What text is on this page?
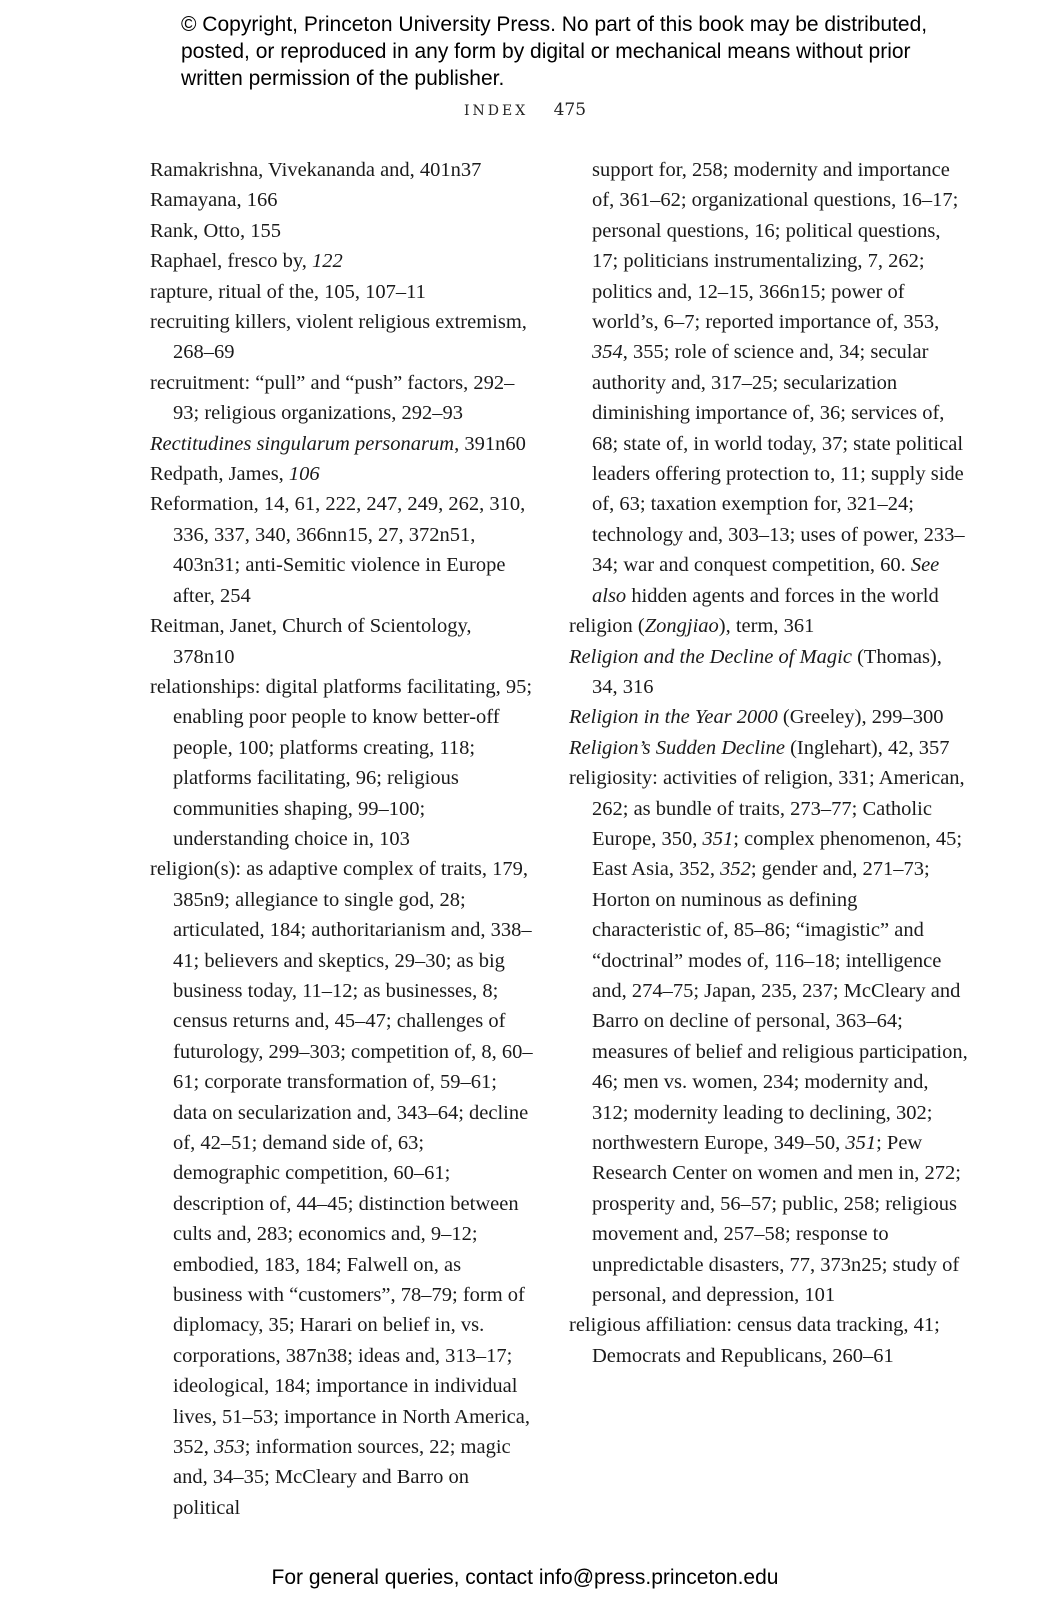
© Copyright, Princeton University Press. No part of this book may be distributed, posted, or reproduced in any form by digital or mechanical means without prior written permission of the publisher.

INDEX 475

Ramakrishna, Vivekananda and, 401n37

Ramayana, 166

Rank, Otto, 155

Raphael, fresco by, 122

rapture, ritual of the, 105, 107–11

recruiting killers, violent religious extremism, 268–69

recruitment: “pull” and “push” factors, 292–93; religious organizations, 292–93

Rectitudines singularum personarum, 391n60

Redpath, James, 106

Reformation, 14, 61, 222, 247, 249, 262, 310, 336, 337, 340, 366nn15, 27, 372n51, 403n31; anti-Semitic violence in Europe after, 254

Reitman, Janet, Church of Scientology, 378n10

relationships: digital platforms facilitating, 95; enabling poor people to know better-off people, 100; platforms creating, 118; platforms facilitating, 96; religious communities shaping, 99–100; understanding choice in, 103

religion(s): as adaptive complex of traits, 179, 385n9; allegiance to single god, 28; articulated, 184; authoritarianism and, 338–41; believers and skeptics, 29–30; as big business today, 11–12; as businesses, 8; census returns and, 45–47; challenges of futurology, 299–303; competition of, 8, 60–61; corporate transformation of, 59–61; data on secularization and, 343–64; decline of, 42–51; demand side of, 63; demographic competition, 60–61; description of, 44–45; distinction between cults and, 283; economics and, 9–12; embodied, 183, 184; Falwell on, as business with “customers”, 78–79; form of diplomacy, 35; Harari on belief in, vs. corporations, 387n38; ideas and, 313–17; ideological, 184; importance in individual lives, 51–53; importance in North America, 352, 353; information sources, 22; magic and, 34–35; McCleary and Barro on political

support for, 258; modernity and importance of, 361–62; organizational questions, 16–17; personal questions, 16; political questions, 17; politicians instrumentalizing, 7, 262; politics and, 12–15, 366n15; power of world’s, 6–7; reported importance of, 353, 354, 355; role of science and, 34; secular authority and, 317–25; secularization diminishing importance of, 36; services of, 68; state of, in world today, 37; state political leaders offering protection to, 11; supply side of, 63; taxation exemption for, 321–24; technology and, 303–13; uses of power, 233–34; war and conquest competition, 60. See also hidden agents and forces in the world

religion (Zongjiao), term, 361

Religion and the Decline of Magic (Thomas), 34, 316

Religion in the Year 2000 (Greeley), 299–300

Religion’s Sudden Decline (Inglehart), 42, 357

religiosity: activities of religion, 331; American, 262; as bundle of traits, 273–77; Catholic Europe, 350, 351; complex phenomenon, 45; East Asia, 352, 352; gender and, 271–73; Horton on numinous as defining characteristic of, 85–86; “imagistic” and “doctrinal” modes of, 116–18; intelligence and, 274–75; Japan, 235, 237; McCleary and Barro on decline of personal, 363–64; measures of belief and religious participation, 46; men vs. women, 234; modernity and, 312; modernity leading to declining, 302; northwestern Europe, 349–50, 351; Pew Research Center on women and men in, 272; prosperity and, 56–57; public, 258; religious movement and, 257–58; response to unpredictable disasters, 77, 373n25; study of personal, and depression, 101

religious affiliation: census data tracking, 41; Democrats and Republicans, 260–61

For general queries, contact info@press.princeton.edu
